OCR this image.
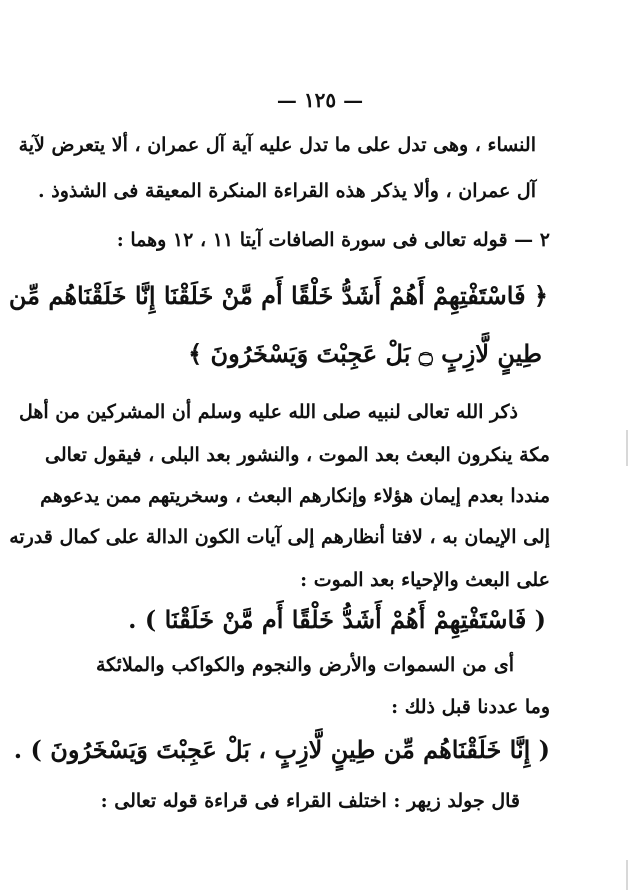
— ١٢٥ —
النساء ، وهى تدل على ما تدل عليه آية آل عمران ، ألا يتعرض لآية
آل عمران ، وألا يذكر هذه القراءة المنكرة المعيقة فى الشذوذ .
٢ — قوله تعالى فى سورة الصافات آيتا ١١ ، ١٢ وهما :
﴿ فَاسْتَفْتِهِمْ أَهُمْ أَشَدُّ خَلْقًا أَم مَّنْ خَلَقْنَا إِنَّا خَلَقْنَاهُم مِّن
طِينٍ لَّازِبٍ ۝ بَلْ عَجِبْتَ وَيَسْخَرُونَ ﴾
ذكر الله تعالى لنبيه صلى الله عليه وسلم أن المشركين من أهل
مكة ينكرون البعث بعد الموت ، والنشور بعد البلى ، فيقول تعالى
منددا بعدم إيمان هؤلاء وإنكارهم البعث ، وسخريتهم ممن يدعوهم
إلى الإيمان به ، لافتا أنظارهم إلى آيات الكون الدالة على كمال قدرته
على البعث والإحياء بعد الموت :
( فَاسْتَفْتِهِمْ أَهُمْ أَشَدُّ خَلْقًا أَم مَّنْ خَلَقْنَا ) .
أى من السموات والأرض والنجوم والكواكب والملائكة
وما عددنا قبل ذلك :
( إِنَّا خَلَقْنَاهُم مِّن طِينٍ لَّازِبٍ ، بَلْ عَجِبْتَ وَيَسْخَرُونَ ) .
قال جولد زيهر : اختلف القراء فى قراءة قوله تعالى :
